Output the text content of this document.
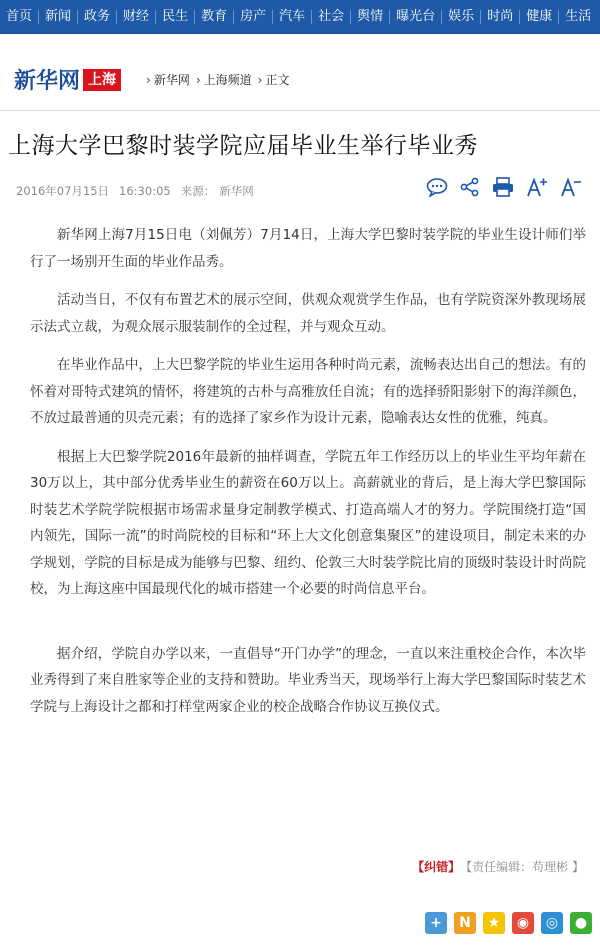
首页	新闻	政务	财经	民生	教育	房产	汽车	社会	舆情	曝光台	娱乐	时尚	健康	生活
新华网 上海	› 新华网 › 上海频道 › 正文
上海大学巴黎时装学院应届毕业生举行毕业秀
2016年07月15日 16:30:05 来源： 新华网

新华网上海7月15日电（刘佩芳）7月14日，上海大学巴黎时装学院的毕业生设计师们举行了一场别开生面的毕业作品秀。

活动当日，不仅有布置艺术的展示空间，供观众观赏学生作品，也有学院资深外教现场展示法式立裁，为观众展示服装制作的全过程，并与观众互动。

在毕业作品中，上大巴黎学院的毕业生运用各种时尚元素，流畅表达出自己的想法。有的怀着对哥特式建筑的情怀，将建筑的古朴与高雅放任自流；有的选择骄阳影射下的海洋颜色，不放过最普通的贝壳元素；有的选择了家乡作为设计元素，隐喻表达女性的优雅，纯真。

根据上大巴黎学院2016年最新的抽样调查，学院五年工作经历以上的毕业生平均年薪在30万以上，其中部分优秀毕业生的薪资在60万以上。高薪就业的背后，是上海大学巴黎国际时装艺术学院学院根据市场需求量身定制教学模式、打造高端人才的努力。学院围绕打造“国内领先，国际一流”的时尚院校的目标和“环上大文化创意集聚区”的建设项目，制定未来的办学规划，学院的目标是成为能够与巴黎、纽约、伦敦三大时装学院比肩的顶级时装设计时尚院校，为上海这座中国最现代化的城市搭建一个必要的时尚信息平台。

据介绍，学院自办学以来，一直倡导“开门办学”的理念，一直以来注重校企合作，本次毕业秀得到了来自胜家等企业的支持和赞助。毕业秀当天，现场举行上海大学巴黎国际时装艺术学院与上海设计之都和打样堂两家企业的校企战略合作协议互换仪式。

【纠错】 【责任编辑：苟理彬 】
+	N	★	◉	◎	●
